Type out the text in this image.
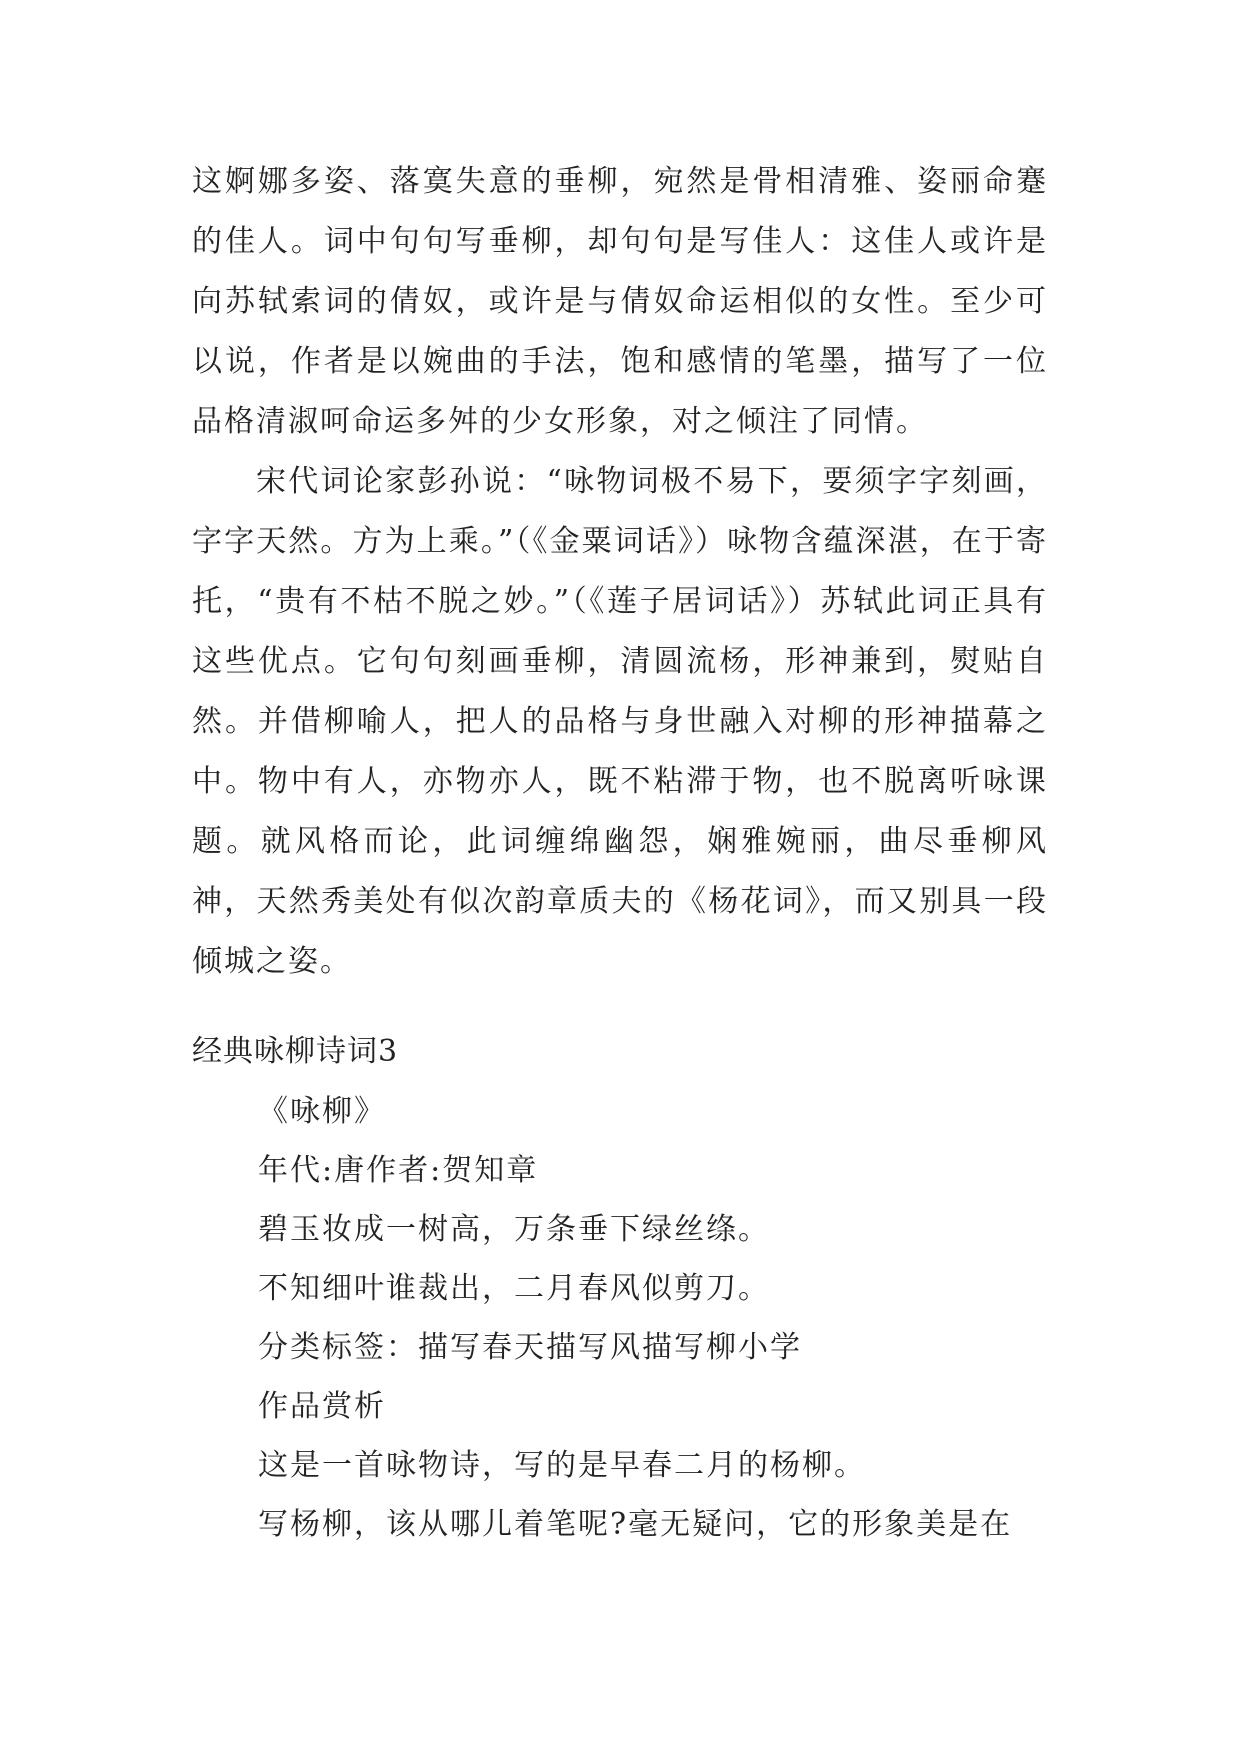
这婀娜多姿、落寞失意的垂柳，宛然是骨相清雅、姿丽命蹇的佳人。词中句句写垂柳，却句句是写佳人：这佳人或许是向苏轼索词的倩奴，或许是与倩奴命运相似的女性。至少可以说，作者是以婉曲的手法，饱和感情的笔墨，描写了一位品格清淑呵命运多舛的少女形象，对之倾注了同情。

宋代词论家彭孙说：“咏物词极不易下，要须字字刻画，字字天然。方为上乘。”（《金粟词话》）咏物含蕴深湛，在于寄托，“贵有不枯不脱之妙。”（《莲子居词话》）苏轼此词正具有这些优点。它句句刻画垂柳，清圆流杨，形神兼到，熨贴自然。并借柳喻人，把人的品格与身世融入对柳的形神描幕之中。物中有人，亦物亦人，既不粘滞于物，也不脱离听咏课题。就风格而论，此词缠绵幽怨，娴雅婉丽，曲尽垂柳风神，天然秀美处有似次韵章质夫的《杨花词》，而又别具一段倾城之姿。

经典咏柳诗词3

《咏柳》

年代:唐作者:贺知章

碧玉妆成一树高，万条垂下绿丝绦。

不知细叶谁裁出，二月春风似剪刀。

分类标签：描写春天描写风描写柳小学

作品赏析

这是一首咏物诗，写的是早春二月的杨柳。

写杨柳，该从哪儿着笔呢?毫无疑问，它的形象美是在
